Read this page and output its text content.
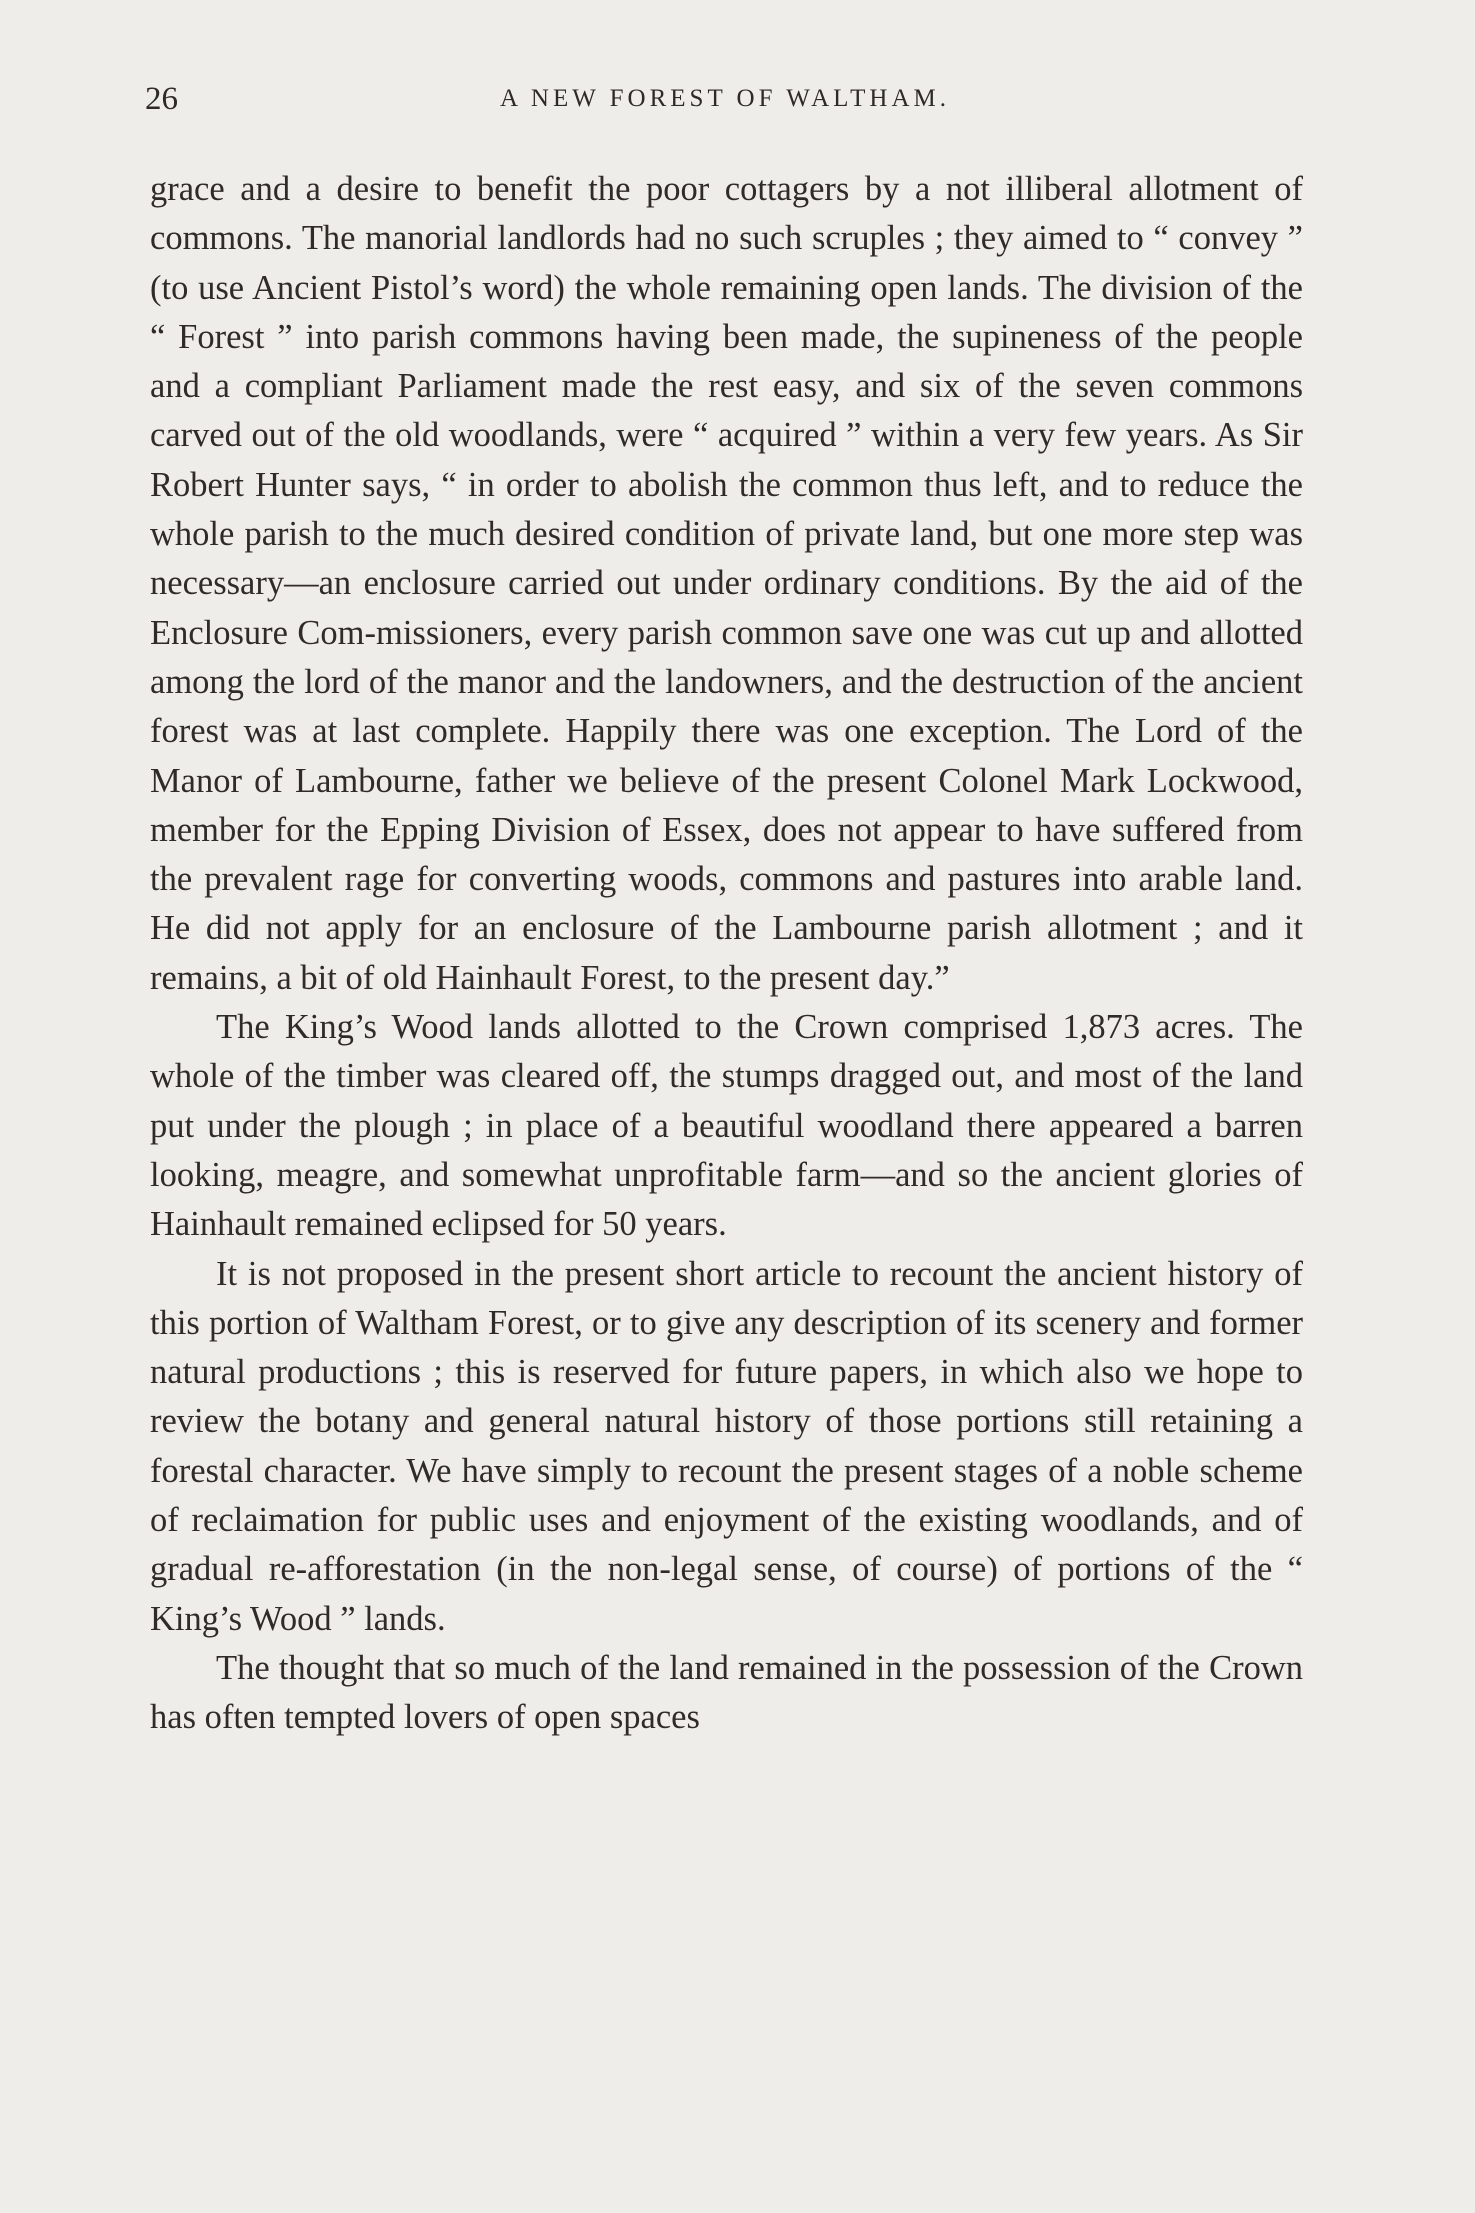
26	A NEW FOREST OF WALTHAM.

grace and a desire to benefit the poor cottagers by a not illiberal allotment of commons. The manorial landlords had no such scruples ; they aimed to “ convey ” (to use Ancient Pistol’s word) the whole remaining open lands. The division of the “ Forest ” into parish commons having been made, the supineness of the people and a compliant Parliament made the rest easy, and six of the seven commons carved out of the old woodlands, were “ acquired ” within a very few years. As Sir Robert Hunter says, “ in order to abolish the common thus left, and to reduce the whole parish to the much desired condition of private land, but one more step was necessary—an enclosure carried out under ordinary conditions. By the aid of the Enclosure Com-missioners, every parish common save one was cut up and allotted among the lord of the manor and the landowners, and the destruction of the ancient forest was at last complete. Happily there was one exception. The Lord of the Manor of Lambourne, father we believe of the present Colonel Mark Lockwood, member for the Epping Division of Essex, does not appear to have suffered from the prevalent rage for converting woods, commons and pastures into arable land. He did not apply for an enclosure of the Lambourne parish allotment ; and it remains, a bit of old Hainhault Forest, to the present day.”

The King’s Wood lands allotted to the Crown comprised 1,873 acres. The whole of the timber was cleared off, the stumps dragged out, and most of the land put under the plough ; in place of a beautiful woodland there appeared a barren looking, meagre, and somewhat unprofitable farm—and so the ancient glories of Hainhault remained eclipsed for 50 years.

It is not proposed in the present short article to recount the ancient history of this portion of Waltham Forest, or to give any description of its scenery and former natural productions ; this is reserved for future papers, in which also we hope to review the botany and general natural history of those portions still retaining a forestal character. We have simply to recount the present stages of a noble scheme of reclaimation for public uses and enjoyment of the existing woodlands, and of gradual re-afforestation (in the non-legal sense, of course) of portions of the “ King’s Wood ” lands.

The thought that so much of the land remained in the possession of the Crown has often tempted lovers of open spaces
